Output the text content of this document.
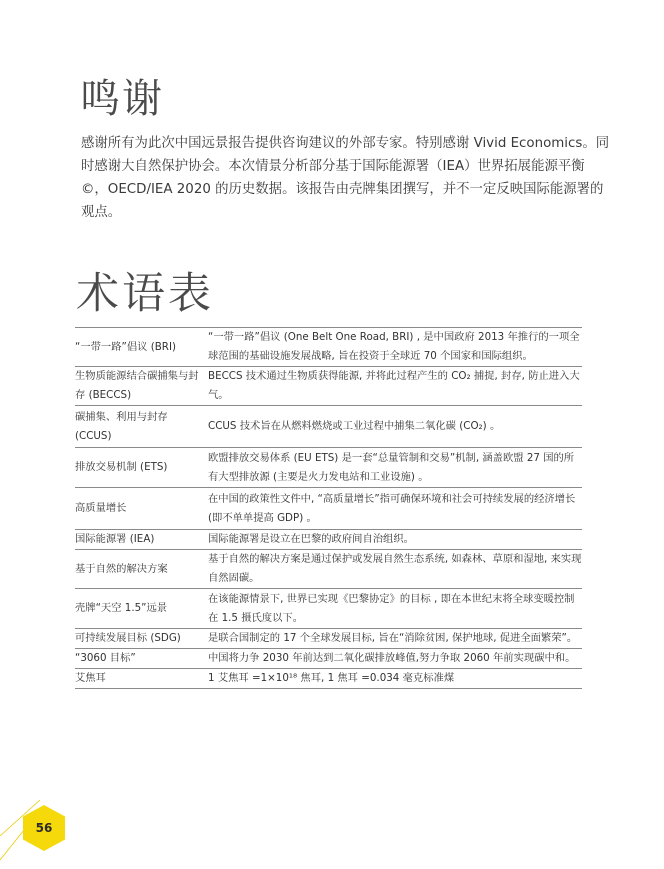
鸣谢

感谢所有为此次中国远景报告提供咨询建议的外部专家。特别感谢 Vivid Economics。同时感谢大自然保护协会。本次情景分析部分基于国际能源署（IEA）世界拓展能源平衡 ©，OECD/IEA 2020 的历史数据。该报告由壳牌集团撰写，并不一定反映国际能源署的观点。

术语表
“一带一路”倡议 (BRI)	“一带一路”倡议 (One Belt One Road, BRI) , 是中国政府 2013 年推行的一项全球范围的基础设施发展战略, 旨在投资于全球近 70 个国家和国际组织。
生物质能源结合碳捕集与封存 (BECCS)	BECCS 技术通过生物质获得能源, 并将此过程产生的 CO₂ 捕捉, 封存, 防止进入大气。
碳捕集、利用与封存 (CCUS)	CCUS 技术旨在从燃料燃烧或工业过程中捕集二氧化碳 (CO₂) 。
排放交易机制 (ETS)	欧盟排放交易体系 (EU ETS) 是一套“总量管制和交易”机制, 涵盖欧盟 27 国的所有大型排放源 (主要是火力发电站和工业设施) 。
高质量增长	在中国的政策性文件中, “高质量增长”指可确保环境和社会可持续发展的经济增长 (即不单单提高 GDP) 。
国际能源署 (IEA)	国际能源署是设立在巴黎的政府间自治组织。
基于自然的解决方案	基于自然的解决方案是通过保护或发展自然生态系统, 如森林、草原和湿地, 来实现自然固碳。
壳牌“天空 1.5”远景	在该能源情景下, 世界已实现《巴黎协定》的目标 , 即在本世纪末将全球变暖控制在 1.5 摄氏度以下。
可持续发展目标 (SDG)	是联合国制定的 17 个全球发展目标, 旨在“消除贫困, 保护地球, 促进全面繁荣”。
“3060 目标”	中国将力争 2030 年前达到二氧化碳排放峰值,努力争取 2060 年前实现碳中和。
艾焦耳	1 艾焦耳 =1×10¹⁸ 焦耳, 1 焦耳 =0.034 毫克标准煤
56
